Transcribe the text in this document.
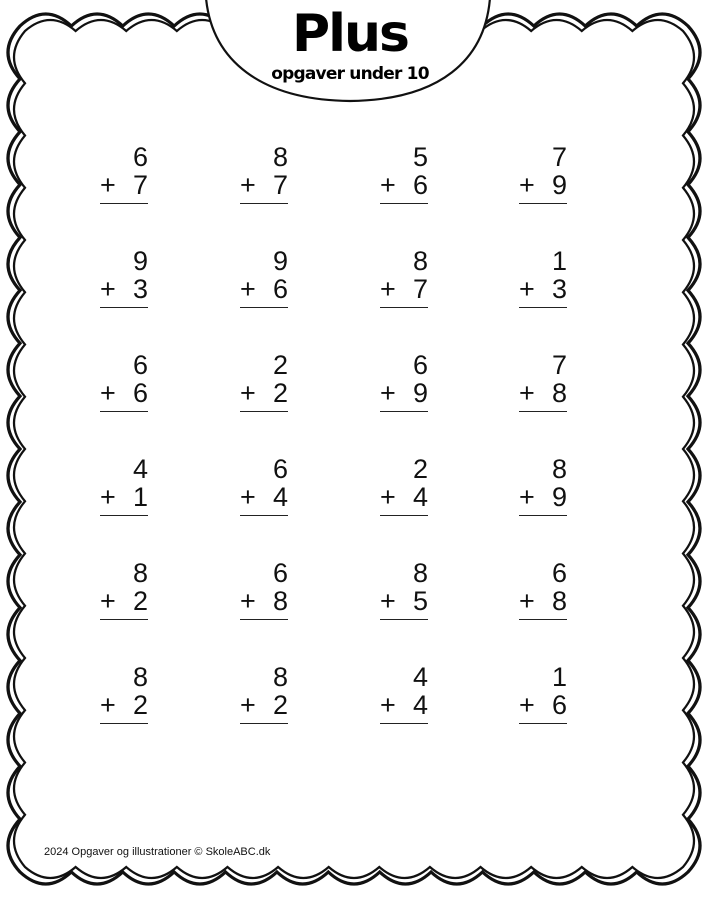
Plus
opgaver under 10
6
+ 7
8
+ 7
5
+ 6
7
+ 9
9
+ 3
9
+ 6
8
+ 7
1
+ 3
6
+ 6
2
+ 2
6
+ 9
7
+ 8
4
+ 1
6
+ 4
2
+ 4
8
+ 9
8
+ 2
6
+ 8
8
+ 5
6
+ 8
8
+ 2
8
+ 2
4
+ 4
1
+ 6
2024 Opgaver og illustrationer © SkoleABC.dk
